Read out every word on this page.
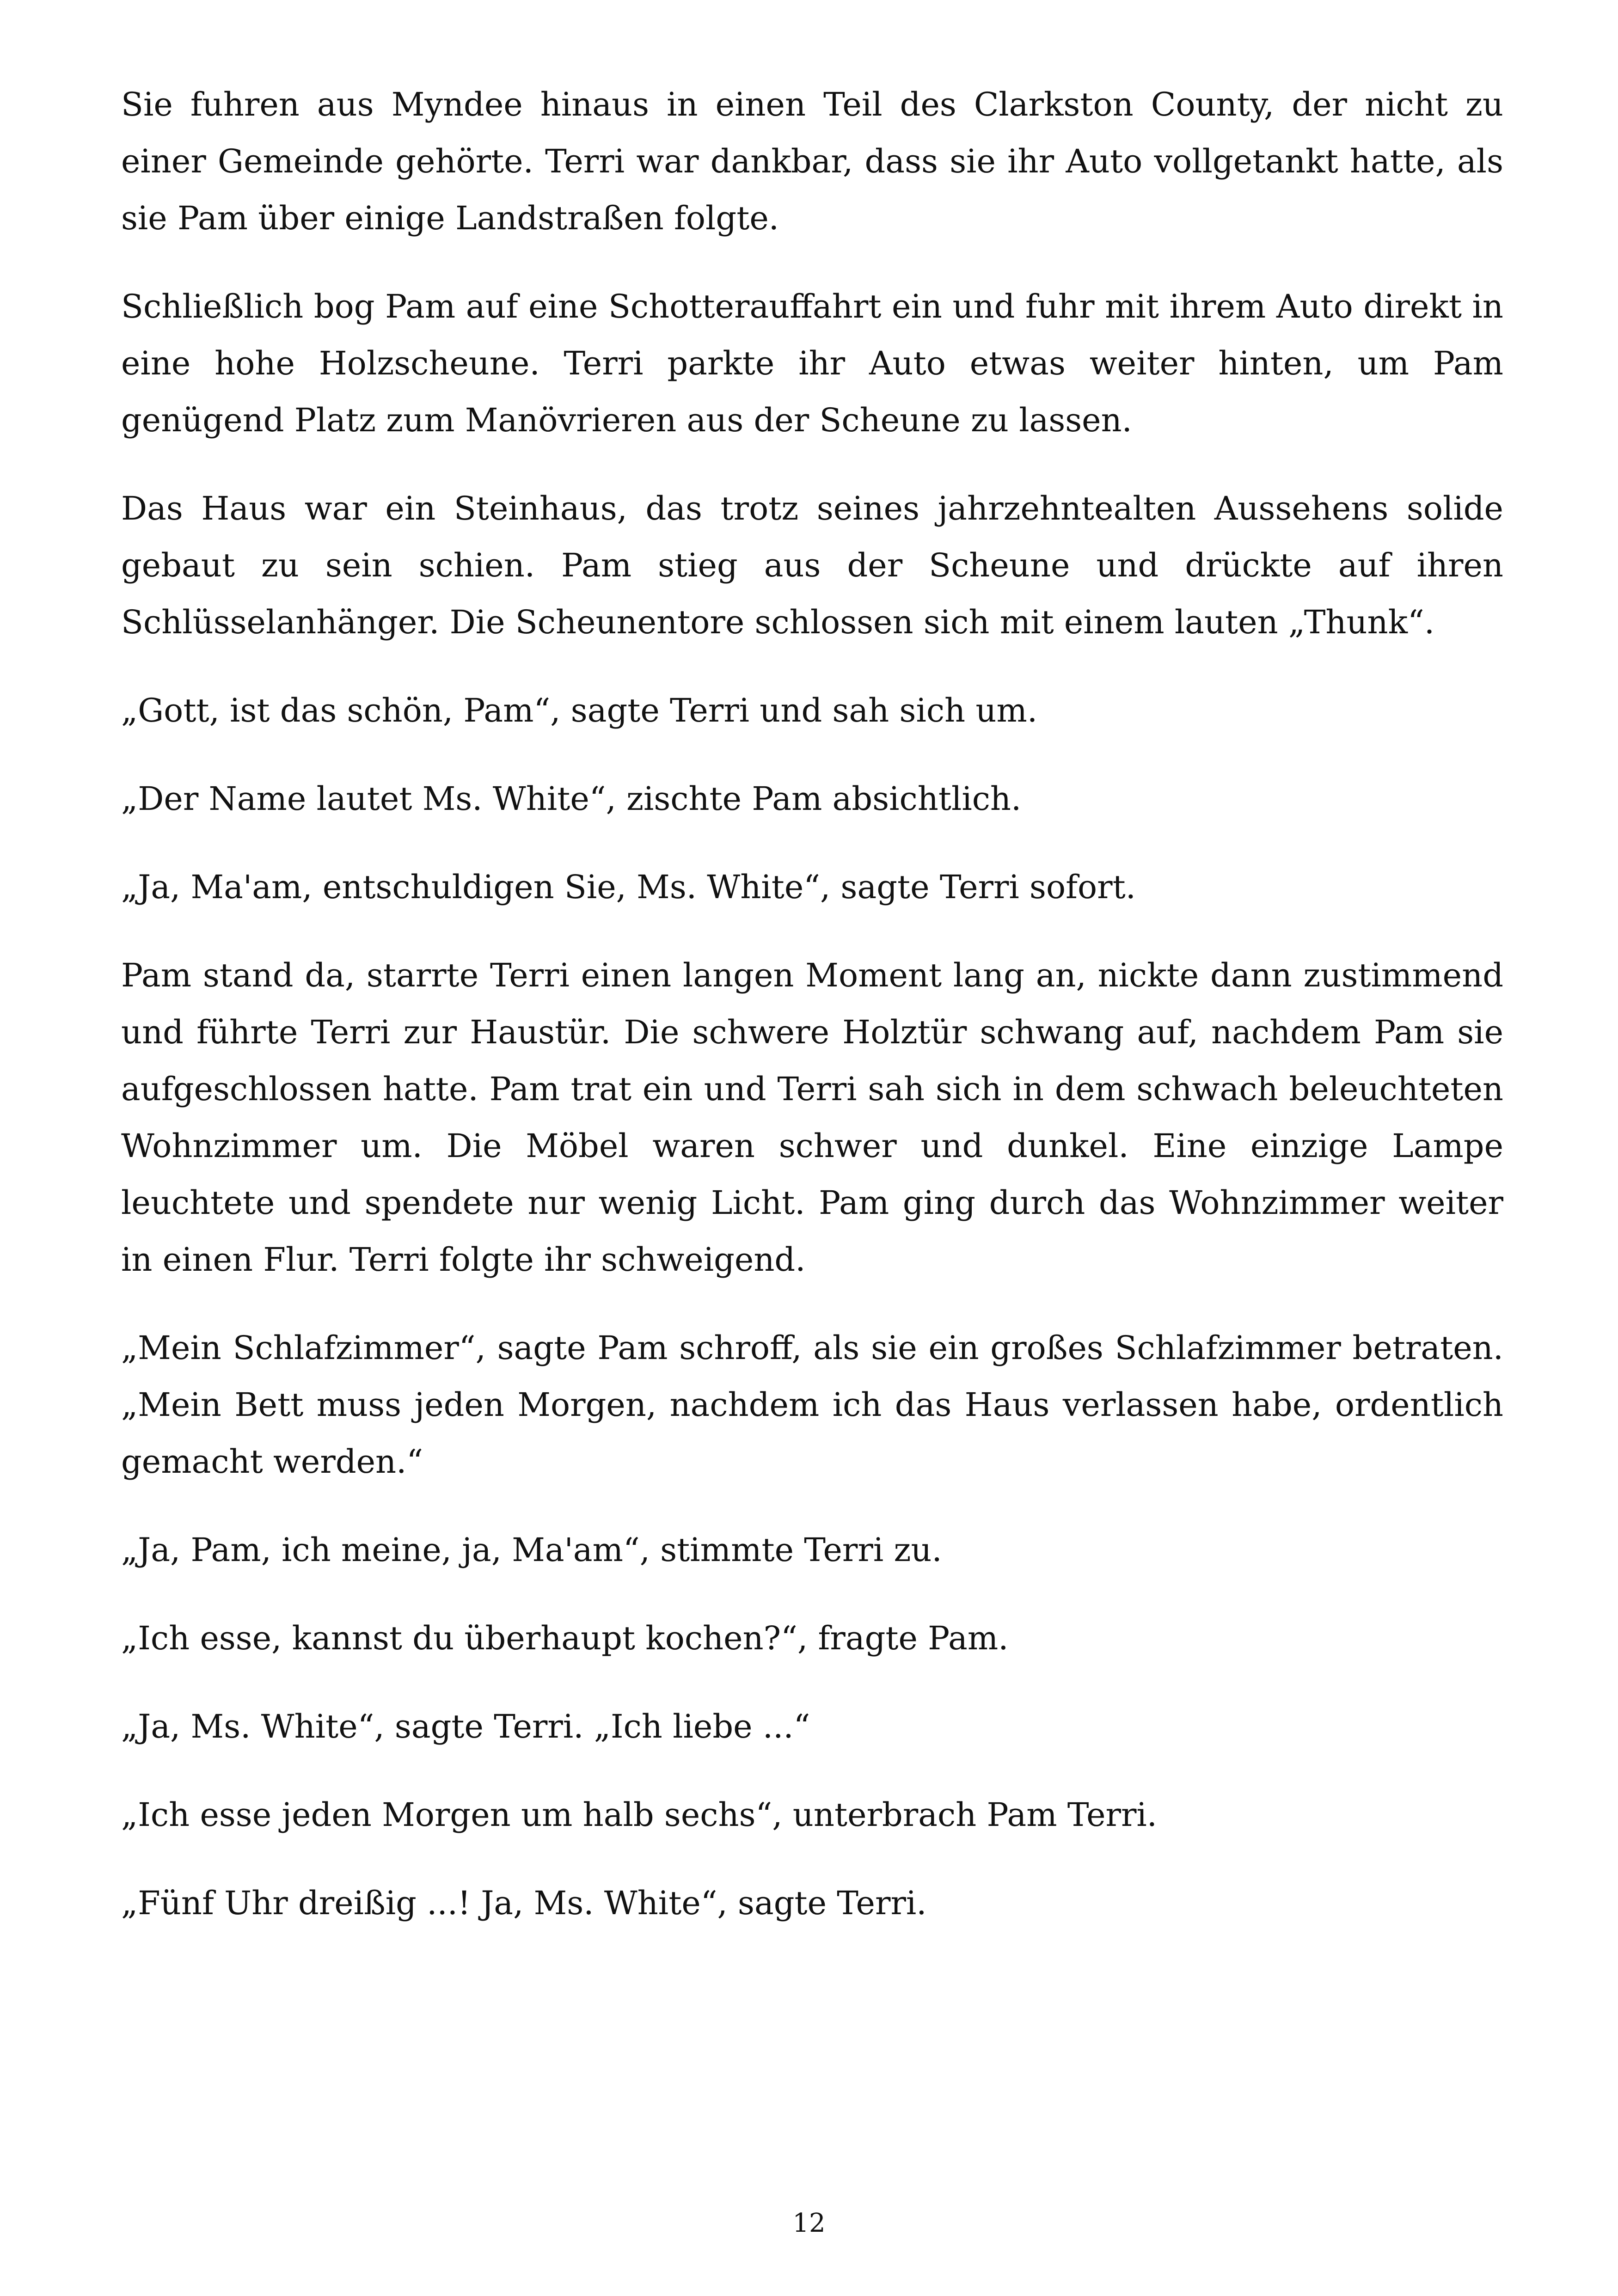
Sie fuhren aus Myndee hinaus in einen Teil des Clarkston County, der nicht zu einer Gemeinde gehörte. Terri war dankbar, dass sie ihr Auto vollgetankt hatte, als sie Pam über einige Landstraßen folgte.

Schließlich bog Pam auf eine Schotterauffahrt ein und fuhr mit ihrem Auto direkt in eine hohe Holzscheune. Terri parkte ihr Auto etwas weiter hinten, um Pam genügend Platz zum Manövrieren aus der Scheune zu lassen.

Das Haus war ein Steinhaus, das trotz seines jahrzehntealten Aussehens solide gebaut zu sein schien. Pam stieg aus der Scheune und drückte auf ihren Schlüsselanhänger. Die Scheunentore schlossen sich mit einem lauten „Thunk“.

„Gott, ist das schön, Pam“, sagte Terri und sah sich um.

„Der Name lautet Ms. White“, zischte Pam absichtlich.

„Ja, Ma'am, entschuldigen Sie, Ms. White“, sagte Terri sofort.

Pam stand da, starrte Terri einen langen Moment lang an, nickte dann zustimmend und führte Terri zur Haustür. Die schwere Holztür schwang auf, nachdem Pam sie aufgeschlossen hatte. Pam trat ein und Terri sah sich in dem schwach beleuchteten Wohnzimmer um. Die Möbel waren schwer und dunkel. Eine einzige Lampe leuchtete und spendete nur wenig Licht. Pam ging durch das Wohnzimmer weiter in einen Flur. Terri folgte ihr schweigend.

„Mein Schlafzimmer“, sagte Pam schroff, als sie ein großes Schlafzimmer betraten. „Mein Bett muss jeden Morgen, nachdem ich das Haus verlassen habe, ordentlich gemacht werden.“

„Ja, Pam, ich meine, ja, Ma'am“, stimmte Terri zu.

„Ich esse, kannst du überhaupt kochen?“, fragte Pam.

„Ja, Ms. White“, sagte Terri. „Ich liebe ...“

„Ich esse jeden Morgen um halb sechs“, unterbrach Pam Terri.

„Fünf Uhr dreißig ...! Ja, Ms. White“, sagte Terri.

12
